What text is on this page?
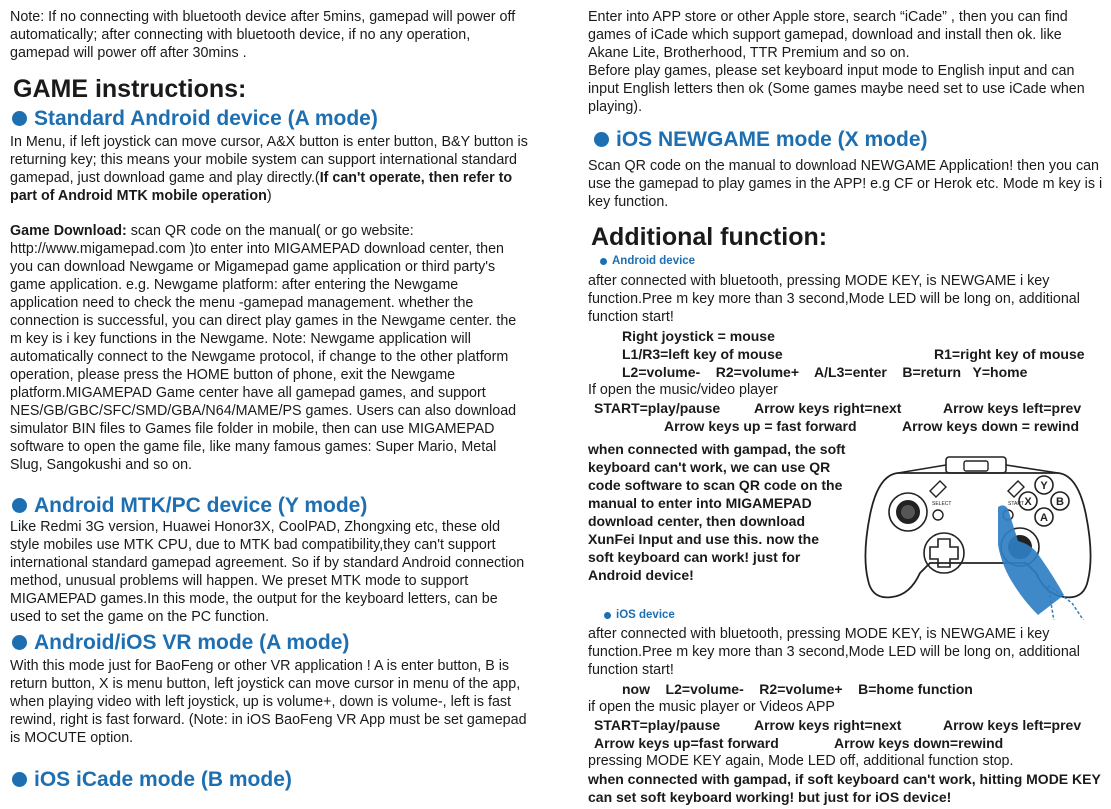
Note: If no connecting with bluetooth device after 5mins, gamepad will power off automatically; after connecting with bluetooth device, if no any operation, gamepad will power off after 30mins .

GAME instructions:
Standard Android device (A mode)

In Menu, if left joystick can move cursor, A&X button is enter button, B&Y button is returning key; this means your mobile system can support international standard gamepad, just download game and play directly.(If can't operate, then refer to part of Android MTK mobile operation)

Game Download: scan QR code on the manual( or go website: http://www.migamepad.com )to enter into MIGAMEPAD download center, then you can download Newgame or Migamepad game application or third party's game application. e.g. Newgame platform: after entering the Newgame application need to check the menu -gamepad management. whether the connection is successful, you can direct play games in the Newgame center. the m key is i key functions in the Newgame. Note: Newgame application will automatically connect to the Newgame protocol, if change to the other platform operation, please press the HOME button of phone, exit the Newgame platform.MIGAMEPAD Game center have all gamepad games, and support NES/GB/GBC/SFC/SMD/GBA/N64/MAME/PS games. Users can also download simulator BIN files to Games file folder in mobile, then can use MIGAMEPAD software to open the game file, like many famous games: Super Mario, Metal Slug, Sangokushi and so on.

Android MTK/PC device (Y mode)

Like Redmi 3G version, Huawei Honor3X, CoolPAD, Zhongxing etc, these old style mobiles use MTK CPU, due to MTK bad compatibility,they can't support international standard gamepad agreement. So if by standard Android connection method, unusual problems will happen. We preset MTK mode to support MIGAMEPAD games.In this mode, the output for the keyboard letters, can be used to set the game on the PC function.

Android/iOS VR mode (A mode)

With this mode just for BaoFeng or other VR application ! A is enter button, B is return button, X is menu button, left joystick can move cursor in menu of the app, when playing video with left joystick, up is volume+, down is volume-, left is fast rewind, right is fast forward. (Note: in iOS BaoFeng VR App must be set gamepad is MOCUTE option.

iOS iCade mode (B mode)

Enter into APP store or other Apple store, search “iCade” , then you can find games of iCade which support gamepad, download and install then ok. like Akane Lite, Brotherhood, TTR Premium and so on.
Before play games, please set keyboard input mode to English input and can input English letters then ok (Some games maybe need set to use iCade when playing).

iOS NEWGAME mode (X mode)

Scan QR code on the manual to download NEWGAME Application! then you can use the gamepad to play games in the APP! e.g CF or Herok etc. Mode m key is i key function.

Additional function:
Android device

after connected with bluetooth, pressing MODE KEY, is NEWGAME i key function.Pree m key more than 3 second,Mode LED will be long on, additional function start!

Right joystick = mouse

L1/R3=left key of mouse	R1=right key of mouse

L2=volume-    R2=volume+    A/L3=enter    B=return   Y=home

If open the music/video player

START=play/pause Arrow keys right=next	Arrow keys left=prev

Arrow keys up = fast forward	Arrow keys down = rewind

when connected with gampad, the soft keyboard can't work, we can use QR code software to scan QR code on the manual to enter into MIGAMEPAD download center, then download XunFei Input and use this. now the soft keyboard can work! just for Android device!

SELECT	START
Y
X B
A
iOS device

after connected with bluetooth, pressing MODE KEY, is NEWGAME i key function.Pree m key more than 3 second,Mode LED will be long on, additional function start!

now    L2=volume-    R2=volume+    B=home function

if open the music player or Videos APP

START=play/pause Arrow keys right=next	Arrow keys left=prev

Arrow keys up=fast forward	Arrow keys down=rewind

pressing MODE KEY again, Mode LED off, additional function stop.

when connected with gampad, if soft keyboard can't work, hitting MODE KEY can set soft keyboard working! but just for iOS device!
